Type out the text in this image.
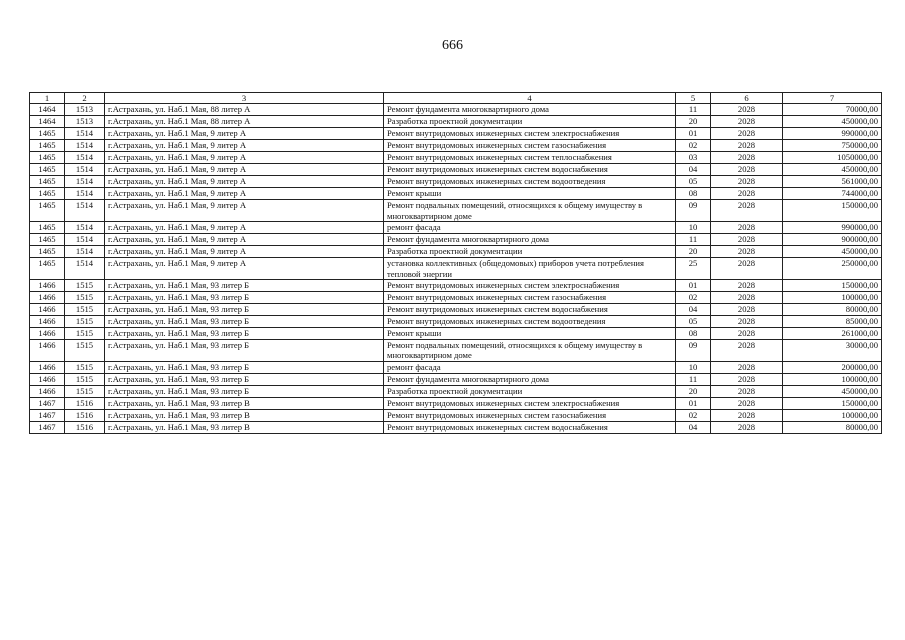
666
1	2	3	4	5	6	7
1464	1513	г.Астрахань, ул. Наб.1 Мая, 88 литер А	Ремонт фундамента многоквартирного дома	11	2028	70000,00
1464	1513	г.Астрахань, ул. Наб.1 Мая, 88 литер А	Разработка проектной документации	20	2028	450000,00
1465	1514	г.Астрахань, ул. Наб.1 Мая, 9 литер А	Ремонт внутридомовых инженерных систем электроснабжения	01	2028	990000,00
1465	1514	г.Астрахань, ул. Наб.1 Мая, 9 литер А	Ремонт внутридомовых инженерных систем газоснабжения	02	2028	750000,00
1465	1514	г.Астрахань, ул. Наб.1 Мая, 9 литер А	Ремонт внутридомовых инженерных систем теплоснабжения	03	2028	1050000,00
1465	1514	г.Астрахань, ул. Наб.1 Мая, 9 литер А	Ремонт внутридомовых инженерных систем водоснабжения	04	2028	450000,00
1465	1514	г.Астрахань, ул. Наб.1 Мая, 9 литер А	Ремонт внутридомовых инженерных систем водоотведения	05	2028	561000,00
1465	1514	г.Астрахань, ул. Наб.1 Мая, 9 литер А	Ремонт крыши	08	2028	744000,00
1465	1514	г.Астрахань, ул. Наб.1 Мая, 9 литер А	Ремонт подвальных помещений, относящихся к общему имуществу в многоквартирном доме	09	2028	150000,00
1465	1514	г.Астрахань, ул. Наб.1 Мая, 9 литер А	ремонт фасада	10	2028	990000,00
1465	1514	г.Астрахань, ул. Наб.1 Мая, 9 литер А	Ремонт фундамента многоквартирного дома	11	2028	900000,00
1465	1514	г.Астрахань, ул. Наб.1 Мая, 9 литер А	Разработка проектной документации	20	2028	450000,00
1465	1514	г.Астрахань, ул. Наб.1 Мая, 9 литер А	установка коллективных (общедомовых) приборов учета потребления тепловой энергии	25	2028	250000,00
1466	1515	г.Астрахань, ул. Наб.1 Мая, 93 литер Б	Ремонт внутридомовых инженерных систем электроснабжения	01	2028	150000,00
1466	1515	г.Астрахань, ул. Наб.1 Мая, 93 литер Б	Ремонт внутридомовых инженерных систем газоснабжения	02	2028	100000,00
1466	1515	г.Астрахань, ул. Наб.1 Мая, 93 литер Б	Ремонт внутридомовых инженерных систем водоснабжения	04	2028	80000,00
1466	1515	г.Астрахань, ул. Наб.1 Мая, 93 литер Б	Ремонт внутридомовых инженерных систем водоотведения	05	2028	85000,00
1466	1515	г.Астрахань, ул. Наб.1 Мая, 93 литер Б	Ремонт крыши	08	2028	261000,00
1466	1515	г.Астрахань, ул. Наб.1 Мая, 93 литер Б	Ремонт подвальных помещений, относящихся к общему имуществу в многоквартирном доме	09	2028	30000,00
1466	1515	г.Астрахань, ул. Наб.1 Мая, 93 литер Б	ремонт фасада	10	2028	200000,00
1466	1515	г.Астрахань, ул. Наб.1 Мая, 93 литер Б	Ремонт фундамента многоквартирного дома	11	2028	100000,00
1466	1515	г.Астрахань, ул. Наб.1 Мая, 93 литер Б	Разработка проектной документации	20	2028	450000,00
1467	1516	г.Астрахань, ул. Наб.1 Мая, 93 литер В	Ремонт внутридомовых инженерных систем электроснабжения	01	2028	150000,00
1467	1516	г.Астрахань, ул. Наб.1 Мая, 93 литер В	Ремонт внутридомовых инженерных систем газоснабжения	02	2028	100000,00
1467	1516	г.Астрахань, ул. Наб.1 Мая, 93 литер В	Ремонт внутридомовых инженерных систем водоснабжения	04	2028	80000,00
